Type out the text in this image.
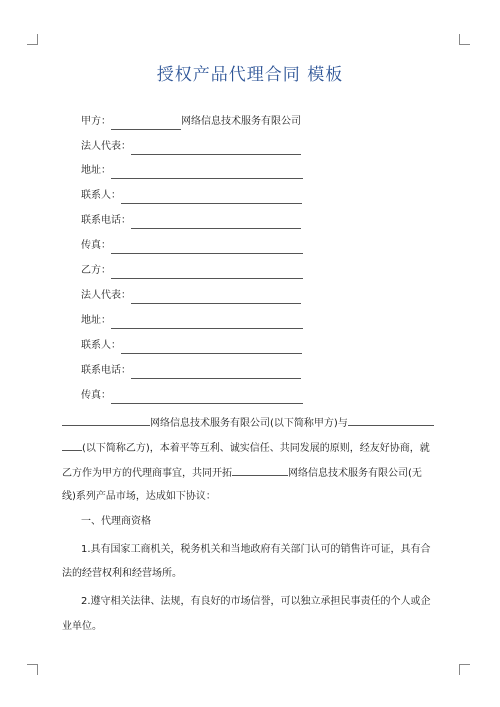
授权产品代理合同 模板
甲方：	网络信息技术服务有限公司
法人代表：
地址：
联系人：
联系电话：
传真：
乙方：
法人代表：
地址：
联系人：
联系电话：
传真：
网络信息技术服务有限公司(以下简称甲方)与
(以下简称乙方)，本着平等互利、诚实信任、共同发展的原则，经友好协商，就
乙方作为甲方的代理商事宜，共同开拓	网络信息技术服务有限公司(无
线)系列产品市场，达成如下协议：
一、代理商资格
1.具有国家工商机关，税务机关和当地政府有关部门认可的销售许可证，具有合
法的经营权利和经营场所。
2.遵守相关法律、法规，有良好的市场信誉，可以独立承担民事责任的个人或企
业单位。
